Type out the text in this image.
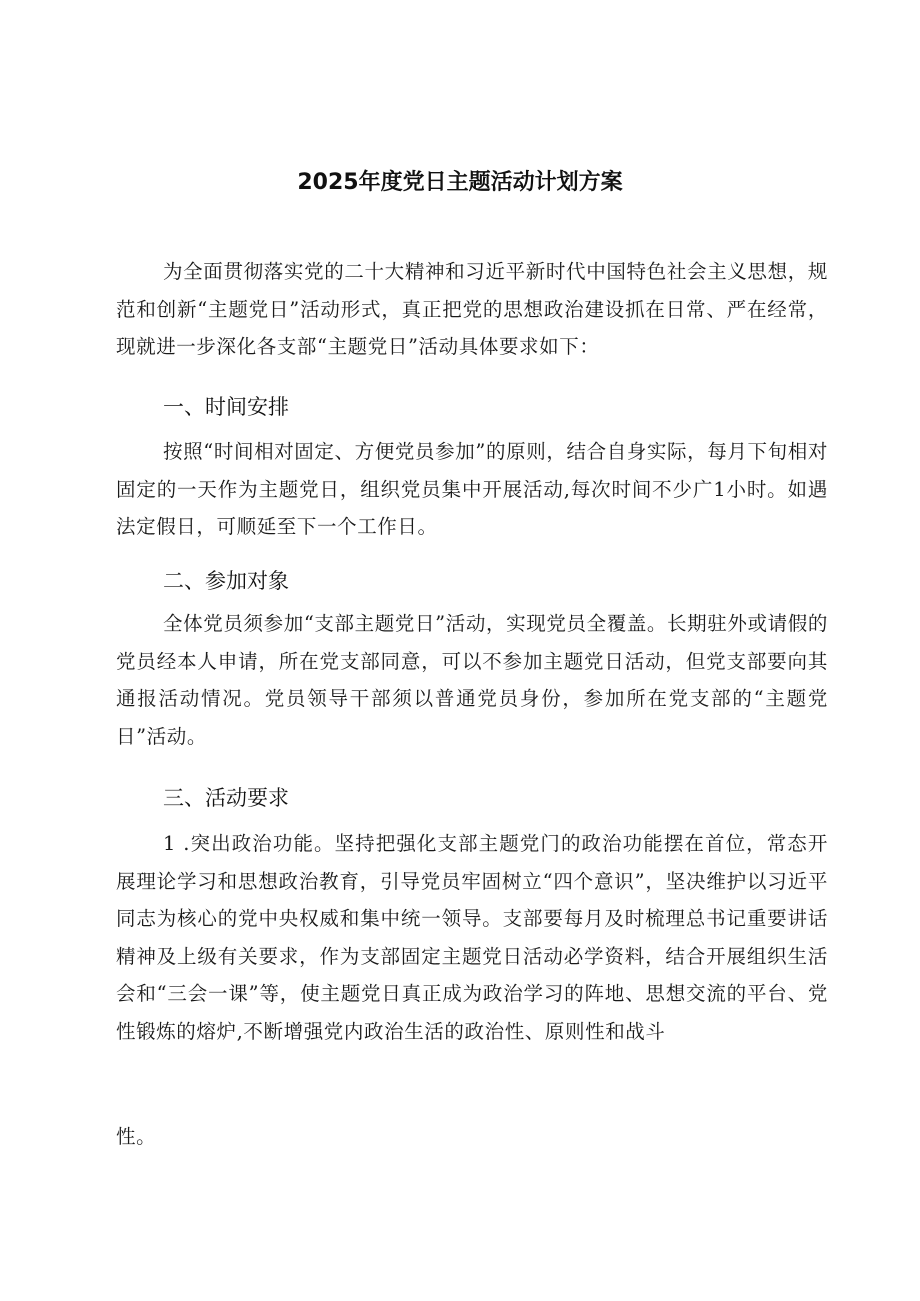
2025年度党日主题活动计划方案
为全面贯彻落实党的二十大精神和习近平新时代中国特色社会主义思想，规范和创新“主题党日”活动形式，真正把党的思想政治建设抓在日常、严在经常，现就进一步深化各支部“主题党日”活动具体要求如下：
一、时间安排
按照“时间相对固定、方便党员参加”的原则，结合自身实际，每月下旬相对固定的一天作为主题党日，组织党员集中开展活动,每次时间不少广1小时。如遇法定假日，可顺延至下一个工作日。
二、参加对象
全体党员须参加“支部主题党日”活动，实现党员全覆盖。长期驻外或请假的党员经本人申请，所在党支部同意，可以不参加主题党日活动，但党支部要向其通报活动情况。党员领导干部须以普通党员身份，参加所在党支部的“主题党日”活动。
三、活动要求
1 .突出政治功能。坚持把强化支部主题党门的政治功能摆在首位，常态开展理论学习和思想政治教育，引导党员牢固树立“四个意识”，坚决维护以习近平同志为核心的党中央权威和集中统一领导。支部要每月及时梳理总书记重要讲话精神及上级有关要求，作为支部固定主题党日活动必学资料，结合开展组织生活会和“三会一课”等，使主题党日真正成为政治学习的阵地、思想交流的平台、党性锻炼的熔炉,不断增强党内政治生活的政治性、原则性和战斗
性。
